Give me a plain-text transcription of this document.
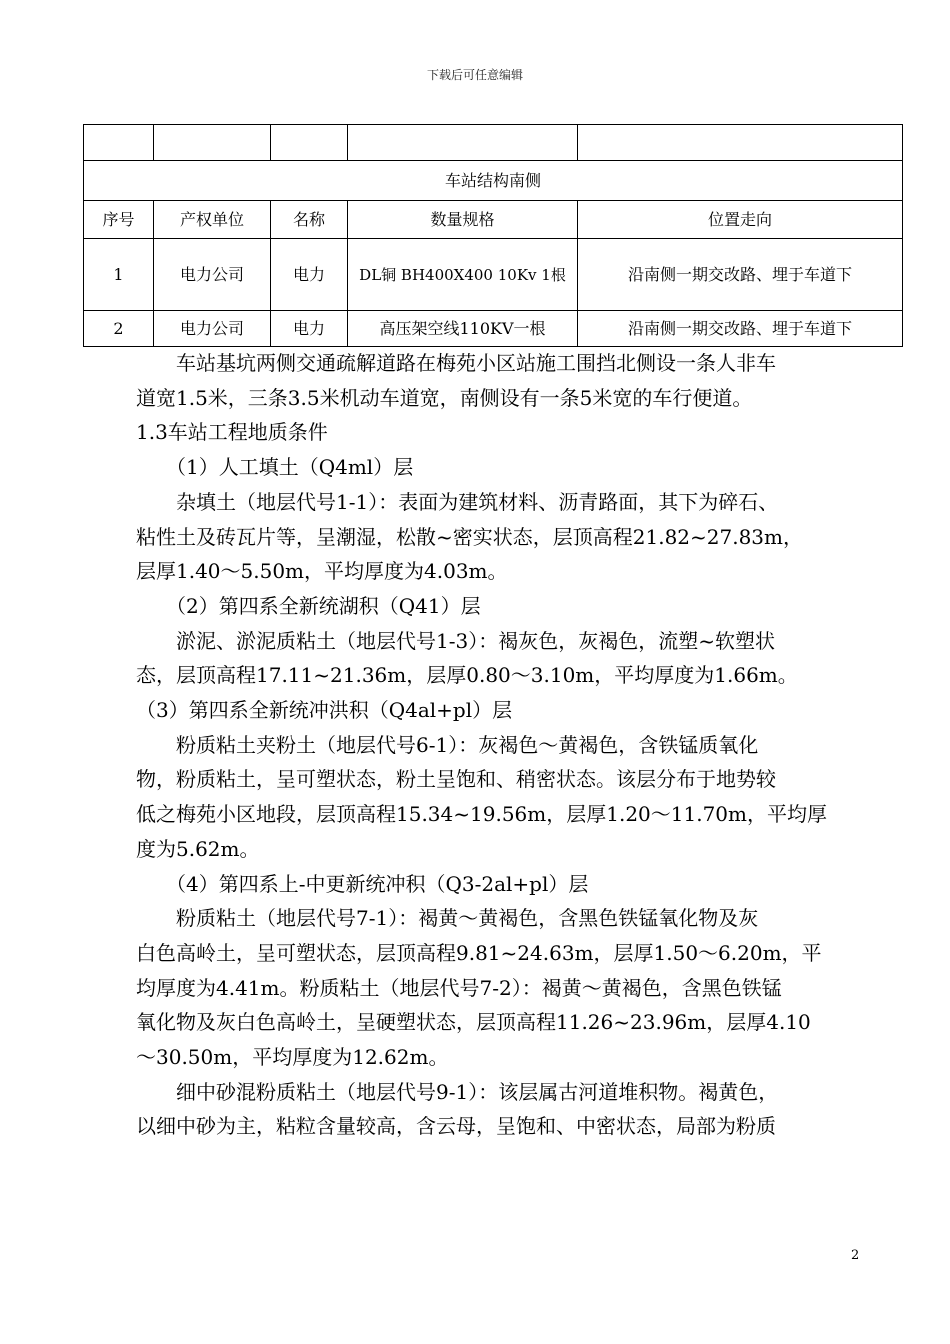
下载后可任意编辑

车站结构南侧				
序号	产权单位	名称	数量规格	位置走向
1	电力公司	电力	DL铜 BH400X400 10Kv 1根	沿南侧一期交改路、埋于车道下
2	电力公司	电力	高压架空线110KV一根	沿南侧一期交改路、埋于车道下

　　车站基坑两侧交通疏解道路在梅苑小区站施工围挡北侧设一条人非车

道宽1.5米，三条3.5米机动车道宽，南侧设有一条5米宽的车行便道。

1.3车站工程地质条件

　　（1）人工填土（Q4ml）层

　　杂填土（地层代号1-1）：表面为建筑材料、沥青路面，其下为碎石、

粘性土及砖瓦片等，呈潮湿，松散~密实状态，层顶高程21.82~27.83m，

层厚1.40～5.50m，平均厚度为4.03m。

　　（2）第四系全新统湖积（Q41）层

　　淤泥、淤泥质粘土（地层代号1-3）：褐灰色，灰褐色，流塑~软塑状

态，层顶高程17.11~21.36m，层厚0.80～3.10m，平均厚度为1.66m。

（3）第四系全新统冲洪积（Q4al+pl）层

　　粉质粘土夹粉土（地层代号6-1）：灰褐色～黄褐色，含铁锰质氧化

物，粉质粘土，呈可塑状态，粉土呈饱和、稍密状态。该层分布于地势较

低之梅苑小区地段，层顶高程15.34~19.56m，层厚1.20～11.70m，平均厚

度为5.62m。

　　（4）第四系上-中更新统冲积（Q3-2al+pl）层

　　粉质粘土（地层代号7-1）：褐黄～黄褐色，含黑色铁锰氧化物及灰

白色高岭土，呈可塑状态，层顶高程9.81~24.63m，层厚1.50～6.20m，平

均厚度为4.41m。粉质粘土（地层代号7-2）：褐黄～黄褐色，含黑色铁锰

氧化物及灰白色高岭土，呈硬塑状态，层顶高程11.26~23.96m，层厚4.10

～30.50m，平均厚度为12.62m。

　　细中砂混粉质粘土（地层代号9-1）：该层属古河道堆积物。褐黄色，

以细中砂为主，粘粒含量较高，含云母，呈饱和、中密状态，局部为粉质

2
